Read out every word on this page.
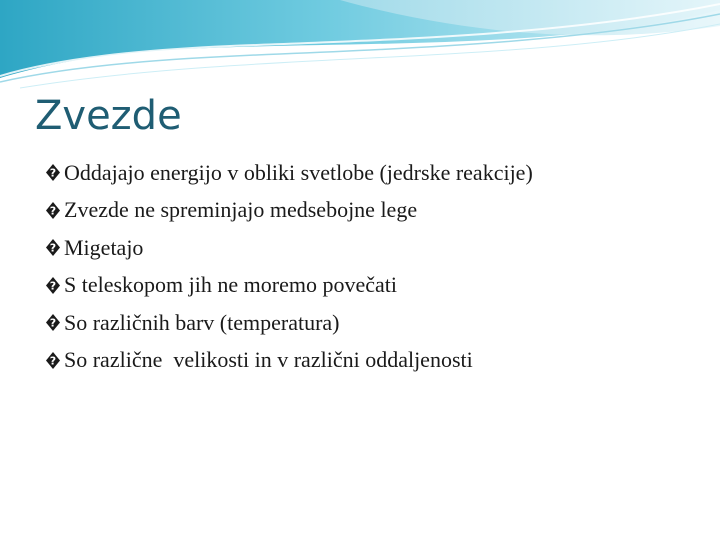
Zvezde
? Oddajajo energijo v obliki svetlobe (jedrske reakcije)
? Zvezde ne spreminjajo medsebojne lege
? Migetajo
? S teleskopom jih ne moremo povečati
? So različnih barv (temperatura)
? So različne  velikosti in v različni oddaljenosti
